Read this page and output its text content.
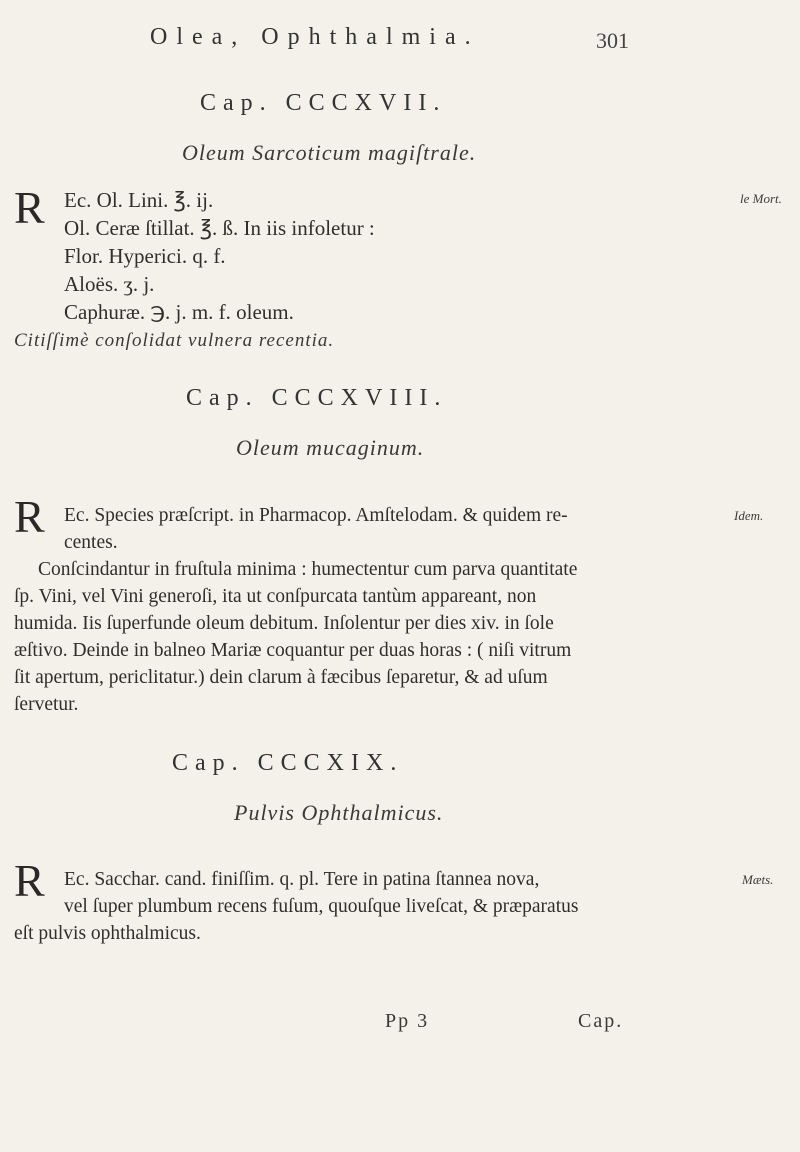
Olea, Ophthalmia.	301
Cap. CCCXVII.
Oleum Sarcoticum magiſtrale.
R Ec. Ol. Lini. ℥. ij.
Ol. Ceræ ſtillat. ℥. ß. In iis infoletur :
Flor. Hyperici. q. f.
Aloës. ʒ. j.
Caphuræ. ℈. j. m. f. oleum.
le Mort.
Citiſſimè conſolidat vulnera recentia.
Cap. CCCXVIII.
Oleum mucaginum.
R Ec. Species præſcript. in Pharmacop. Amſtelodam. & quidem re-
centes.
Conſcindantur in fruſtula minima : humectentur cum parva quantitate
ſp. Vini, vel Vini generoſi, ita ut conſpurcata tantùm appareant, non
humida. Iis ſuperfunde oleum debitum. Inſolentur per dies xiv. in ſole
æſtivo. Deinde in balneo Mariæ coquantur per duas horas : ( niſi vitrum
ſit apertum, periclitatur.) dein clarum à fæcibus ſeparetur, & ad uſum
ſervetur.
Idem.
Cap. CCCXIX.
Pulvis Ophthalmicus.
R Ec. Sacchar. cand. finiſſim. q. pl. Tere in patina ſtannea nova,
vel ſuper plumbum recens fuſum, quouſque liveſcat, & præparatus
eſt pulvis ophthalmicus.
Mæts.
Pp 3	Cap.
